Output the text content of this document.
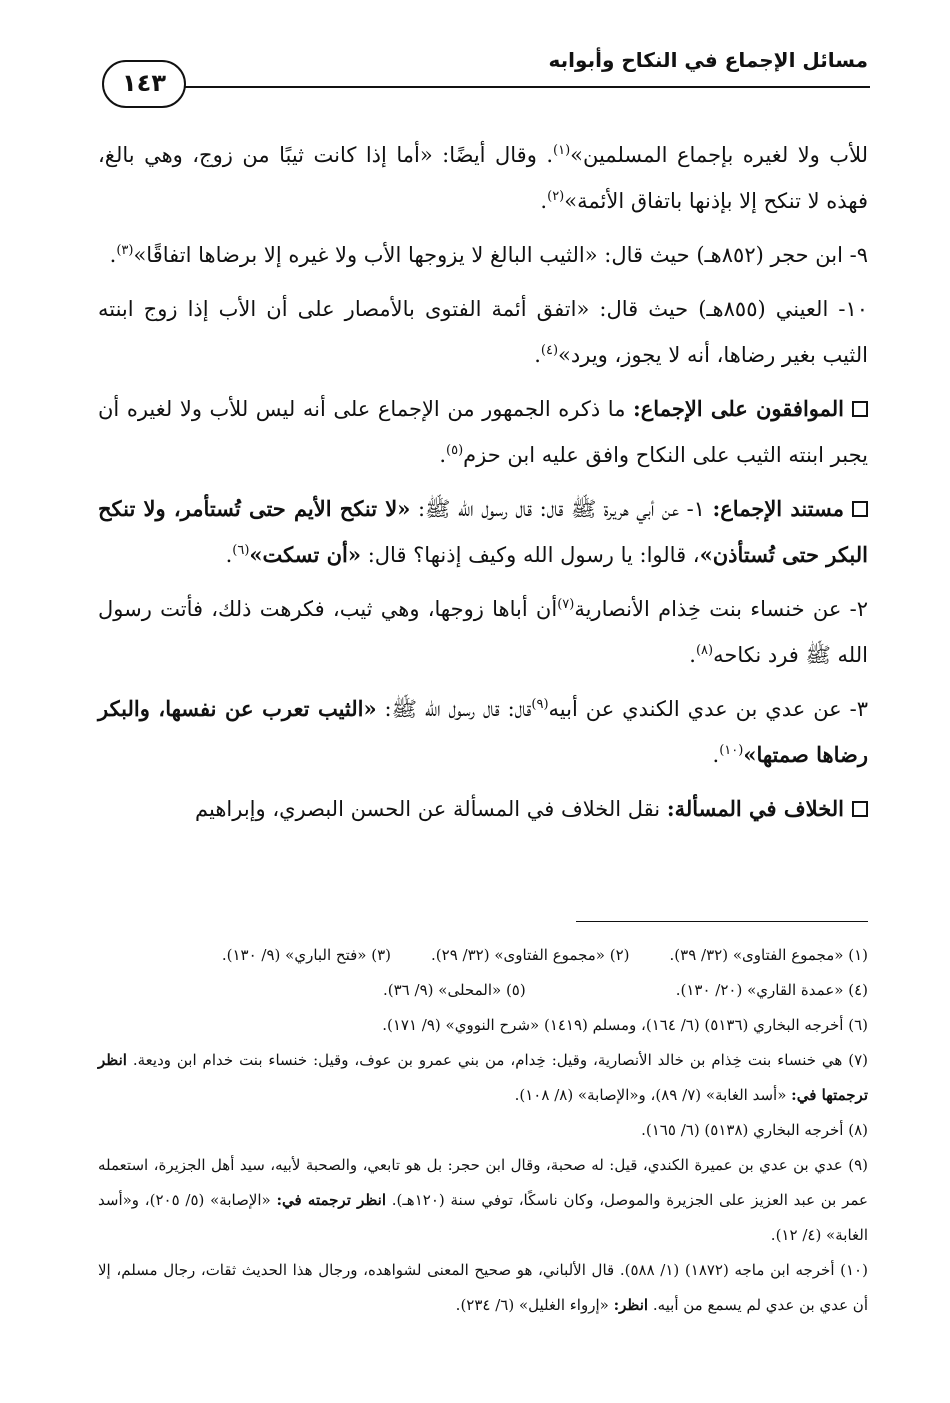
مسائل الإجماع في النكاح وأبوابه
١٤٣

للأب ولا لغيره بإجماع المسلمين»$^{(١)}$. وقال أيضًا: «أما إذا كانت ثيبًا من زوج، وهي بالغ، فهذه لا تنكح إلا بإذنها باتفاق الأئمة»$^{(٢)}$.

٩- ابن حجر (٨٥٢هـ) حيث قال: «الثيب البالغ لا يزوجها الأب ولا غيره إلا برضاها اتفاقًا»$^{(٣)}$.

١٠- العيني (٨٥٥هـ) حيث قال: «اتفق أئمة الفتوى بالأمصار على أن الأب إذا زوج ابنته الثيب بغير رضاها، أنه لا يجوز، ويرد»$^{(٤)}$.

الموافقون على الإجماع: ما ذكره الجمهور من الإجماع على أنه ليس للأب ولا لغيره أن يجبر ابنته الثيب على النكاح وافق عليه ابن حزم$^{(٥)}$.

مستند الإجماع: ١- عن أبي هريرة ﷺ قال: قال رسول الله ﷺ: «لا تنكح الأيم حتى تُستأمر، ولا تنكح البكر حتى تُستأذن»، قالوا: يا رسول الله وكيف إذنها؟ قال: «أن تسكت»$^{(٦)}$.

٢- عن خنساء بنت خِذام الأنصارية$^{(٧)}$أن أباها زوجها، وهي ثيب، فكرهت ذلك، فأتت رسول الله ﷺ فرد نكاحه$^{(٨)}$.

٣- عن عدي بن عدي الكندي عن أبيه$^{(٩)}$قال: قال رسول الله ﷺ: «الثيب تعرب عن نفسها، والبكر رضاها صمتها»$^{(١٠)}$.

الخلاف في المسألة: نقل الخلاف في المسألة عن الحسن البصري، وإبراهيم

(١) «مجموع الفتاوى» (٣٢/ ٣٩).
(٢) «مجموع الفتاوى» (٣٢/ ٢٩).
(٣) «فتح الباري» (٩/ ١٣٠).

(٤) «عمدة القاري» (٢٠/ ١٣٠).
(٥) «المحلى» (٩/ ٣٦).

(٦) أخرجه البخاري (٥١٣٦) (٦/ ١٦٤)، ومسلم (١٤١٩) «شرح النووي» (٩/ ١٧١).

(٧) هي خنساء بنت خِذام بن خالد الأنصارية، وقيل: خِدام، من بني عمرو بن عوف، وقيل: خنساء بنت خدام ابن وديعة. انظر ترجمتها في: «أسد الغابة» (٧/ ٨٩)، و«الإصابة» (٨/ ١٠٨).

(٨) أخرجه البخاري (٥١٣٨) (٦/ ١٦٥).

(٩) عدي بن عدي بن عميرة الكندي، قيل: له صحبة، وقال ابن حجر: بل هو تابعي، والصحبة لأبيه، سيد أهل الجزيرة، استعمله عمر بن عبد العزيز على الجزيرة والموصل، وكان ناسكًا، توفي سنة (١٢٠هـ). انظر ترجمته في: «الإصابة» (٥/ ٢٠٥)، و«أسد الغابة» (٤/ ١٢).

(١٠) أخرجه ابن ماجه (١٨٧٢) (١/ ٥٨٨). قال الألباني، هو صحيح المعنى لشواهده، ورجال هذا الحديث ثقات، رجال مسلم، إلا أن عدي بن عدي لم يسمع من أبيه. انظر: «إرواء الغليل» (٦/ ٢٣٤).
